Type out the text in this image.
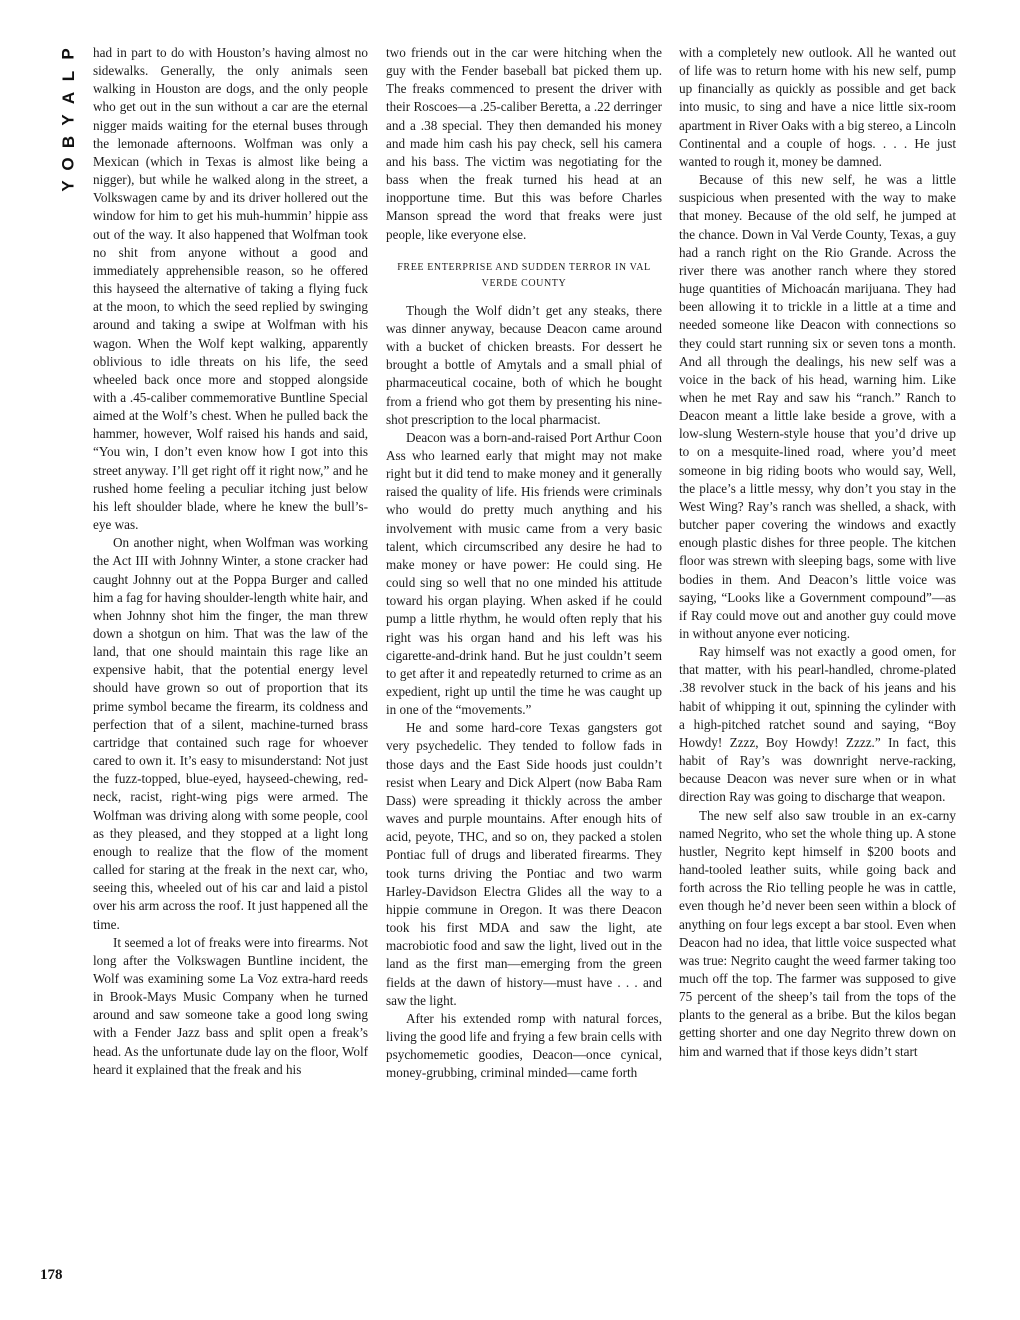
P
L
A
Y
B
O
Y

had in part to do with Houston’s having almost no sidewalks. Generally, the only animals seen walking in Houston are dogs, and the only people who get out in the sun without a car are the eternal nigger maids waiting for the eternal buses through the lemonade afternoons. Wolfman was only a Mexican (which in Texas is almost like being a nigger), but while he walked along in the street, a Volkswagen came by and its driver hollered out the window for him to get his muh-hummin’ hippie ass out of the way. It also happened that Wolfman took no shit from anyone without a good and immediately apprehensible reason, so he offered this hayseed the alternative of taking a flying fuck at the moon, to which the seed replied by swinging around and taking a swipe at Wolfman with his wagon. When the Wolf kept walking, apparently oblivious to idle threats on his life, the seed wheeled back once more and stopped alongside with a .45-caliber commemorative Buntline Special aimed at the Wolf’s chest. When he pulled back the hammer, however, Wolf raised his hands and said, “You win, I don’t even know how I got into this street anyway. I’ll get right off it right now,” and he rushed home feeling a peculiar itching just below his left shoulder blade, where he knew the bull’s-eye was.

On another night, when Wolfman was working the Act III with Johnny Winter, a stone cracker had caught Johnny out at the Poppa Burger and called him a fag for having shoulder-length white hair, and when Johnny shot him the finger, the man threw down a shotgun on him. That was the law of the land, that one should maintain this rage like an expensive habit, that the potential energy level should have grown so out of proportion that its prime symbol became the firearm, its coldness and perfection that of a silent, machine-turned brass cartridge that contained such rage for whoever cared to own it. It’s easy to misunderstand: Not just the fuzz-topped, blue-eyed, hayseed-chewing, red-neck, racist, right-wing pigs were armed. The Wolfman was driving along with some people, cool as they pleased, and they stopped at a light long enough to realize that the flow of the moment called for staring at the freak in the next car, who, seeing this, wheeled out of his car and laid a pistol over his arm across the roof. It just happened all the time.

It seemed a lot of freaks were into firearms. Not long after the Volkswagen Buntline incident, the Wolf was examining some La Voz extra-hard reeds in Brook-Mays Music Company when he turned around and saw someone take a good long swing with a Fender Jazz bass and split open a freak’s head. As the unfortunate dude lay on the floor, Wolf heard it explained that the freak and his

two friends out in the car were hitching when the guy with the Fender baseball bat picked them up. The freaks commenced to present the driver with their Roscoes—a .25-caliber Beretta, a .22 derringer and a .38 special. They then demanded his money and made him cash his pay check, sell his camera and his bass. The victim was negotiating for the bass when the freak turned his head at an inopportune time. But this was before Charles Manson spread the word that freaks were just people, like everyone else.

FREE ENTERPRISE AND SUDDEN TERROR IN VAL VERDE COUNTY

Though the Wolf didn’t get any steaks, there was dinner anyway, because Deacon came around with a bucket of chicken breasts. For dessert he brought a bottle of Amytals and a small phial of pharmaceutical cocaine, both of which he bought from a friend who got them by presenting his nine-shot prescription to the local pharmacist.

Deacon was a born-and-raised Port Arthur Coon Ass who learned early that might may not make right but it did tend to make money and it generally raised the quality of life. His friends were criminals who would do pretty much anything and his involvement with music came from a very basic talent, which circumscribed any desire he had to make money or have power: He could sing. He could sing so well that no one minded his attitude toward his organ playing. When asked if he could pump a little rhythm, he would often reply that his right was his organ hand and his left was his cigarette-and-drink hand. But he just couldn’t seem to get after it and repeatedly returned to crime as an expedient, right up until the time he was caught up in one of the “movements.”

He and some hard-core Texas gangsters got very psychedelic. They tended to follow fads in those days and the East Side hoods just couldn’t resist when Leary and Dick Alpert (now Baba Ram Dass) were spreading it thickly across the amber waves and purple mountains. After enough hits of acid, peyote, THC, and so on, they packed a stolen Pontiac full of drugs and liberated firearms. They took turns driving the Pontiac and two warm Harley-Davidson Electra Glides all the way to a hippie commune in Oregon. It was there Deacon took his first MDA and saw the light, ate macrobiotic food and saw the light, lived out in the land as the first man—emerging from the green fields at the dawn of history—must have . . . and saw the light.

After his extended romp with natural forces, living the good life and frying a few brain cells with psychomemetic goodies, Deacon—once cynical, money-grubbing, criminal minded—came forth

with a completely new outlook. All he wanted out of life was to return home with his new self, pump up financially as quickly as possible and get back into music, to sing and have a nice little six-room apartment in River Oaks with a big stereo, a Lincoln Continental and a couple of hogs. . . . He just wanted to rough it, money be damned.

Because of this new self, he was a little suspicious when presented with the way to make that money. Because of the old self, he jumped at the chance. Down in Val Verde County, Texas, a guy had a ranch right on the Rio Grande. Across the river there was another ranch where they stored huge quantities of Michoacán marijuana. They had been allowing it to trickle in a little at a time and needed someone like Deacon with connections so they could start running six or seven tons a month. And all through the dealings, his new self was a voice in the back of his head, warning him. Like when he met Ray and saw his “ranch.” Ranch to Deacon meant a little lake beside a grove, with a low-slung Western-style house that you’d drive up to on a mesquite-lined road, where you’d meet someone in big riding boots who would say, Well, the place’s a little messy, why don’t you stay in the West Wing? Ray’s ranch was shelled, a shack, with butcher paper covering the windows and exactly enough plastic dishes for three people. The kitchen floor was strewn with sleeping bags, some with live bodies in them. And Deacon’s little voice was saying, “Looks like a Government compound”—as if Ray could move out and another guy could move in without anyone ever noticing.

Ray himself was not exactly a good omen, for that matter, with his pearl-handled, chrome-plated .38 revolver stuck in the back of his jeans and his habit of whipping it out, spinning the cylinder with a high-pitched ratchet sound and saying, “Boy Howdy! Zzzz, Boy Howdy! Zzzz.” In fact, this habit of Ray’s was downright nerve-racking, because Deacon was never sure when or in what direction Ray was going to discharge that weapon.

The new self also saw trouble in an ex-carny named Negrito, who set the whole thing up. A stone hustler, Negrito kept himself in $200 boots and hand-tooled leather suits, while going back and forth across the Rio telling people he was in cattle, even though he’d never been seen within a block of anything on four legs except a bar stool. Even when Deacon had no idea, that little voice suspected what was true: Negrito caught the weed farmer taking too much off the top. The farmer was supposed to give 75 percent of the sheep’s tail from the tops of the plants to the general as a bribe. But the kilos began getting shorter and one day Negrito threw down on him and warned that if those keys didn’t start

178
